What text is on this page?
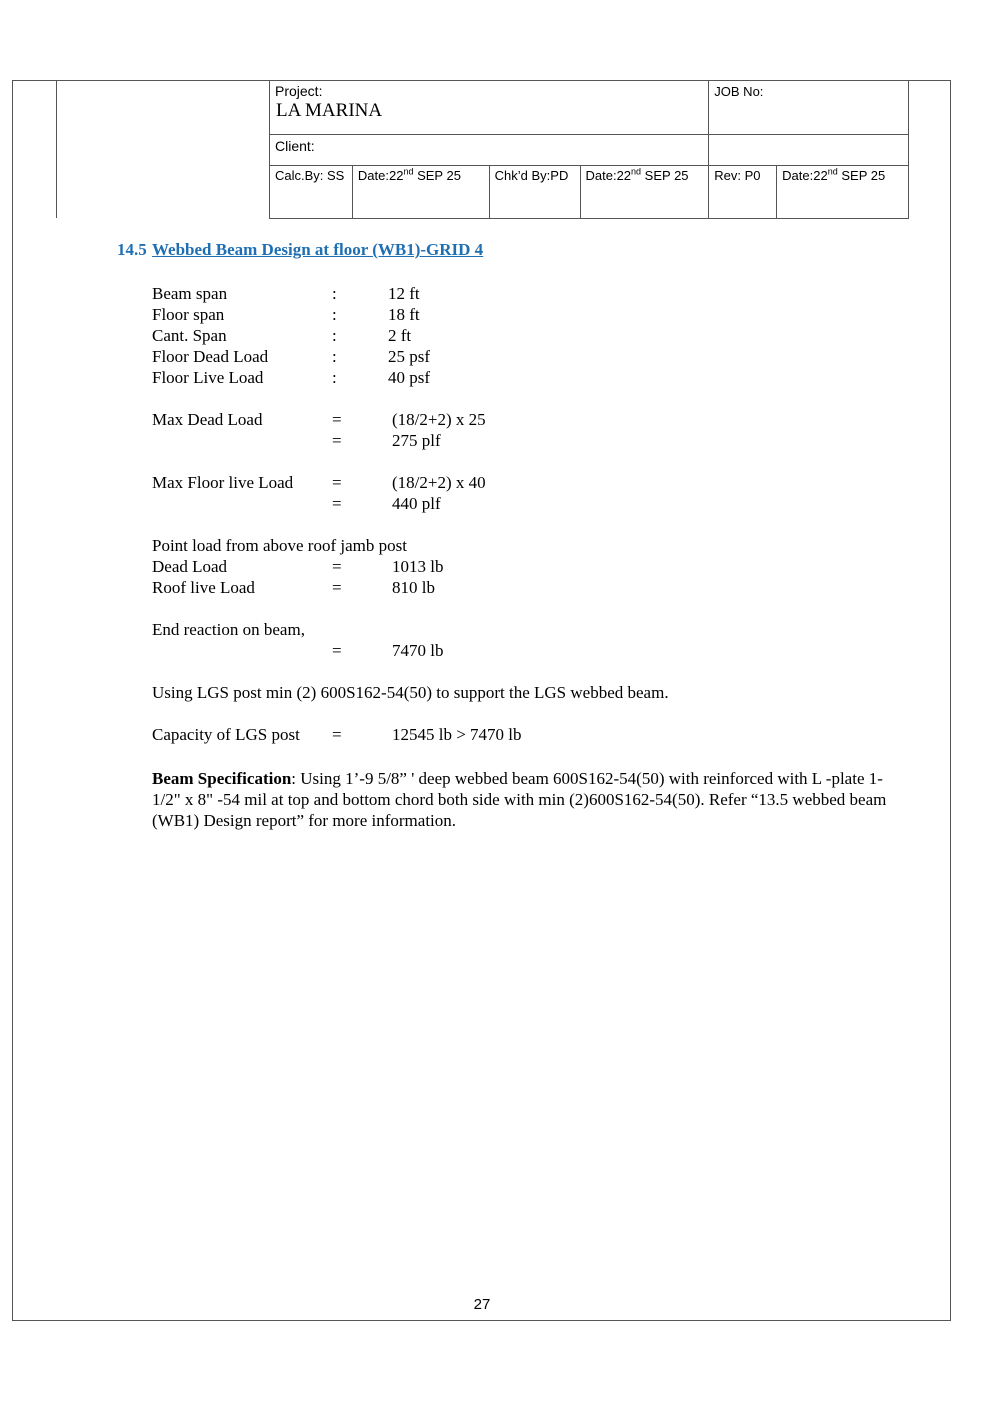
Project:
LA MARINA				JOB No:	
Client:					
Calc.By: SS	Date:22nd SEP 25	Chk’d By:PD	Date:22nd SEP 25	Rev: P0	Date:22nd SEP 25
14.5 Webbed Beam Design at floor (WB1)-GRID 4
Beam span	:	12 ft
Floor span	:	18 ft
Cant. Span	:	2 ft
Floor Dead Load	:	25 psf
Floor Live Load	:	40 psf
Max Dead Load	=	(18/2+2) x 25
=	275 plf
Max Floor live Load =	(18/2+2) x 40
=	440 plf
Point load from above roof jamb post
Dead Load	=	1013 lb
Roof live Load	=	810 lb
End reaction on beam,
=	7470 lb
Using LGS post min (2) 600S162-54(50) to support the LGS webbed beam.
Capacity of LGS post =	12545 lb > 7470 lb
Beam Specification: Using 1’-9 5/8” ' deep webbed beam 600S162-54(50) with reinforced with L -plate 1-1/2" x 8" -54 mil at top and bottom chord both side with min (2)600S162-54(50). Refer “13.5 webbed beam (WB1) Design report” for more information.
27
